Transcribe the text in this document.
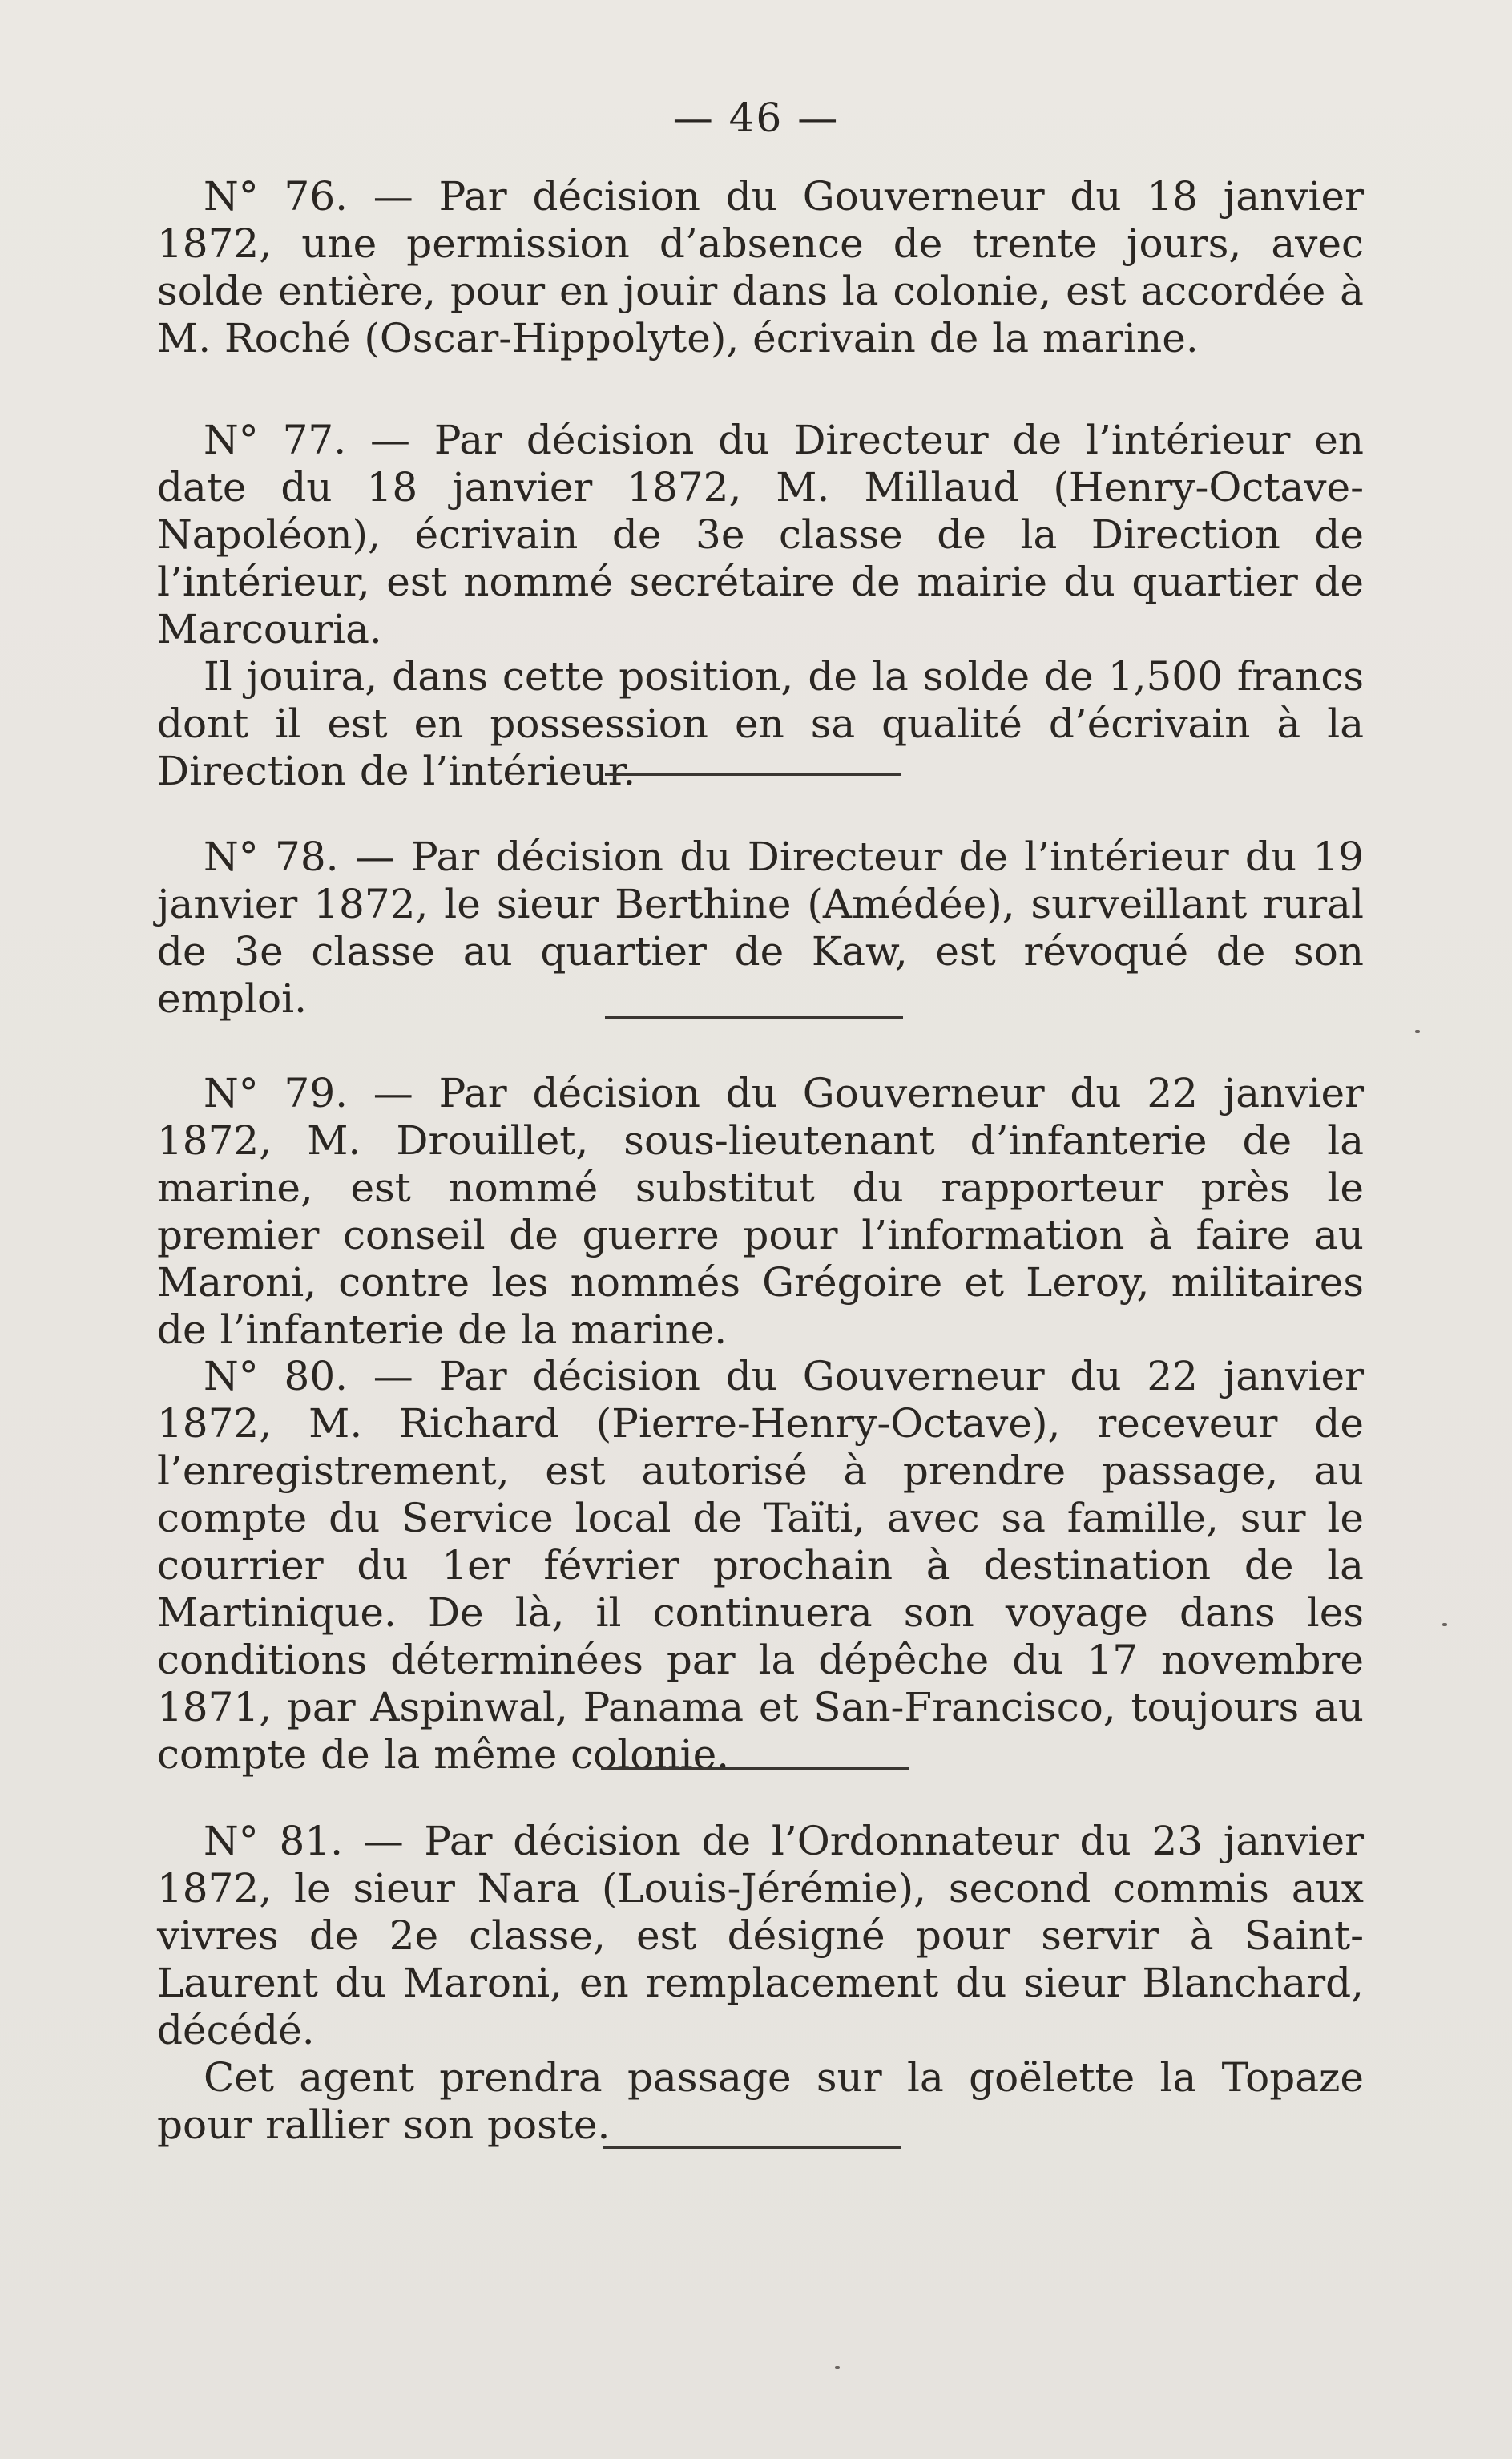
— 46 —

N° 76. — Par décision du Gouverneur du 18 janvier 1872, une permission d’absence de trente jours, avec solde entière, pour en jouir dans la colonie, est accordée à M. Roché (Oscar-Hippolyte), écrivain de la marine.

N° 77. — Par décision du Directeur de l’intérieur en date du 18 janvier 1872, M. Millaud (Henry-Octave-Napoléon), écrivain de 3e classe de la Direction de l’intérieur, est nommé secrétaire de mairie du quartier de Marcouria.

Il jouira, dans cette position, de la solde de 1,500 francs dont il est en possession en sa qualité d’écrivain à la Direction de l’intérieur.

N° 78. — Par décision du Directeur de l’intérieur du 19 janvier 1872, le sieur Berthine (Amédée), surveillant rural de 3e classe au quartier de Kaw, est révoqué de son emploi.

N° 79. — Par décision du Gouverneur du 22 janvier 1872, M. Drouillet, sous-lieutenant d’infanterie de la marine, est nommé substitut du rapporteur près le premier conseil de guerre pour l’information à faire au Maroni, contre les nommés Grégoire et Leroy, militaires de l’infanterie de la marine.

N° 80. — Par décision du Gouverneur du 22 janvier 1872, M. Richard (Pierre-Henry-Octave), receveur de l’enregistrement, est autorisé à prendre passage, au compte du Service local de Taïti, avec sa famille, sur le courrier du 1er février prochain à destination de la Martinique. De là, il continuera son voyage dans les conditions déterminées par la dépêche du 17 novembre 1871, par Aspinwal, Panama et San-Francisco, toujours au compte de la même colonie.

N° 81. — Par décision de l’Ordonnateur du 23 janvier 1872, le sieur Nara (Louis-Jérémie), second commis aux vivres de 2e classe, est désigné pour servir à Saint-Laurent du Maroni, en remplacement du sieur Blanchard, décédé.

Cet agent prendra passage sur la goëlette la Topaze pour rallier son poste.
